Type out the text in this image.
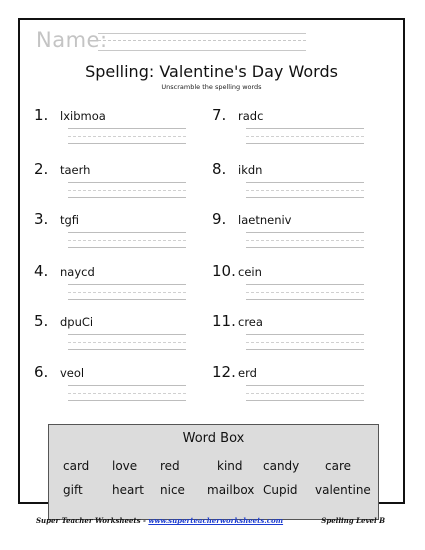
Name:
Spelling: Valentine's Day Words
Unscramble the spelling words
1. lxibmoa
2. taerh
3. tgfi
4. naycd
5. dpuCi
6. veol
7. radc
8. ikdn
9. laetneniv
10. cein
11. crea
12. erd
Word Box
card love red	kind candy care
gift heart nice mailbox Cupid valentine
Super Teacher Worksheets - www.superteacherworksheets.com	Spelling Level B
